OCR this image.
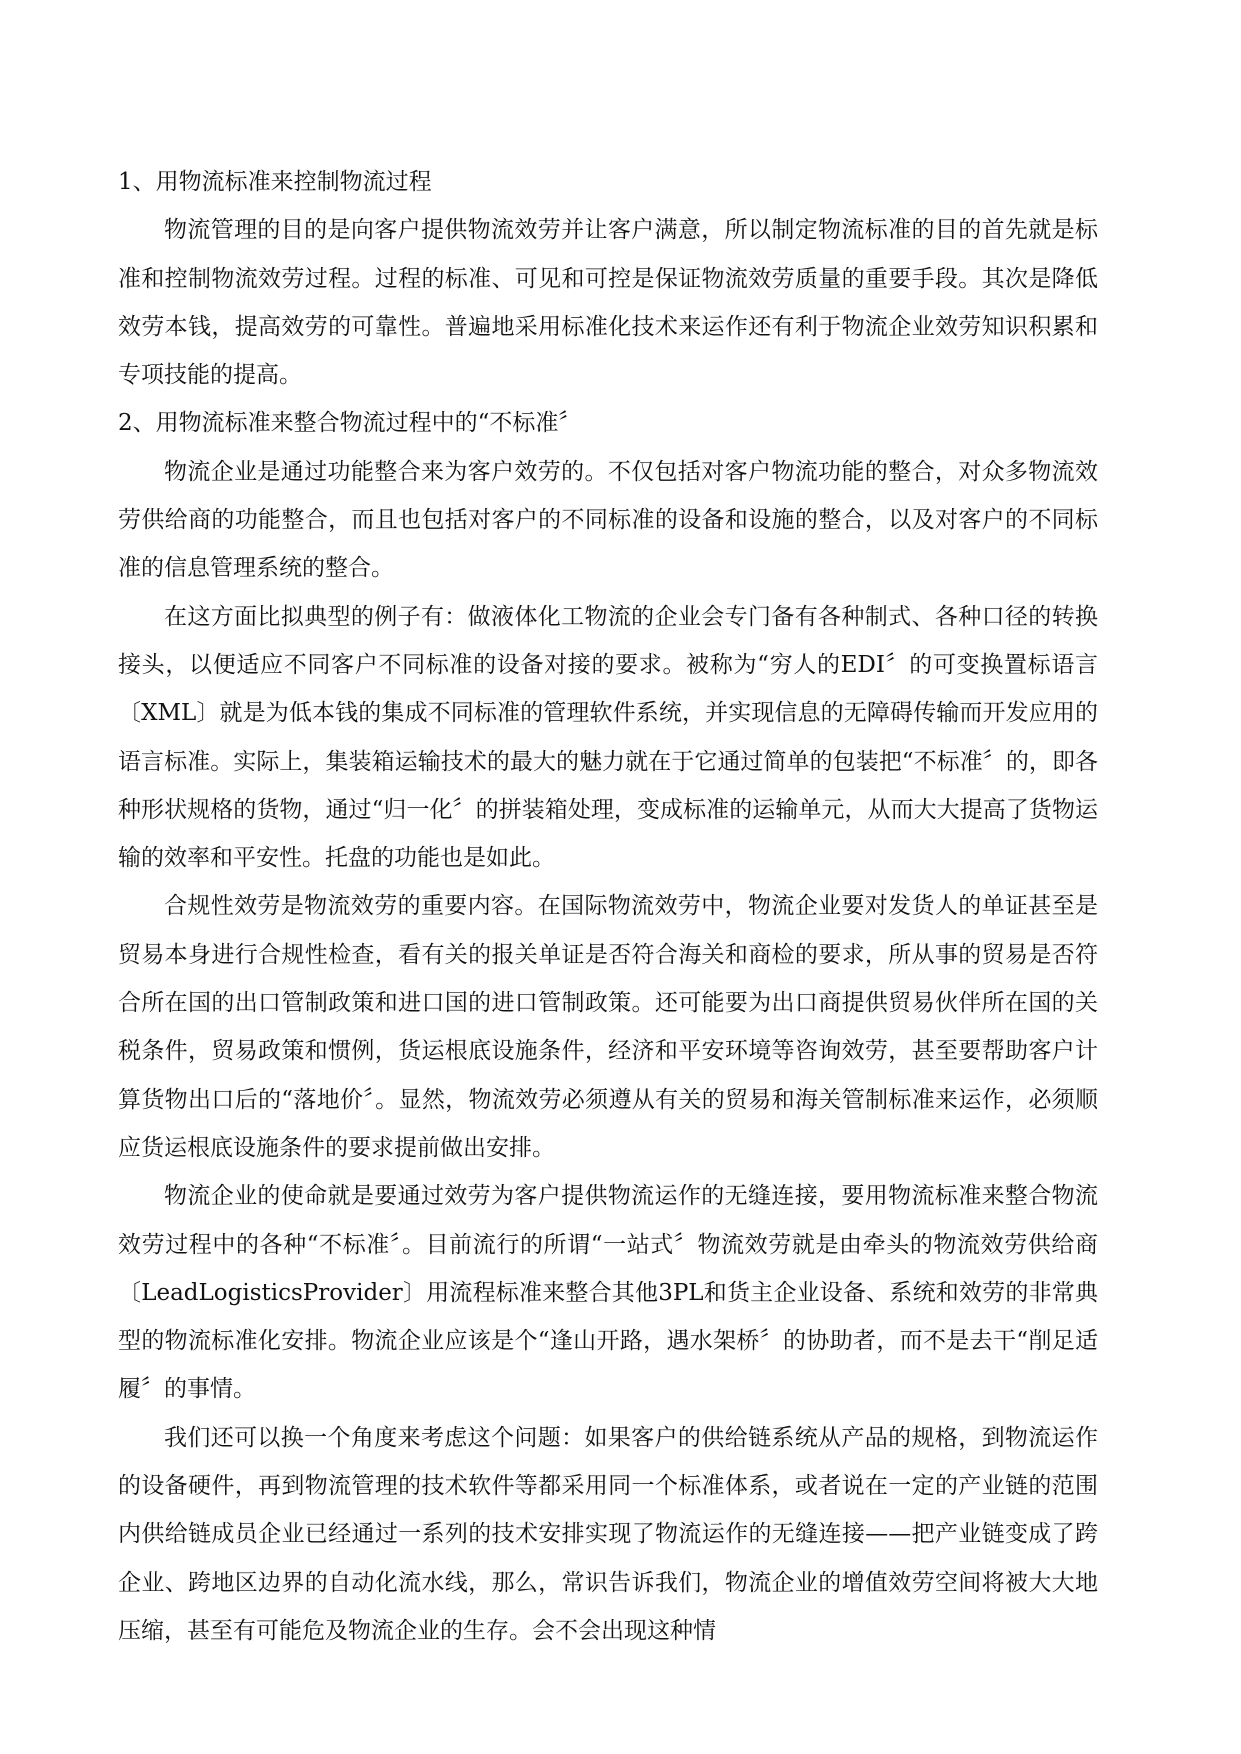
1、用物流标准来控制物流过程

物流管理的目的是向客户提供物流效劳并让客户满意，所以制定物流标准的目的首先就是标准和控制物流效劳过程。过程的标准、可见和可控是保证物流效劳质量的重要手段。其次是降低效劳本钱，提高效劳的可靠性。普遍地采用标准化技术来运作还有利于物流企业效劳知识积累和专项技能的提高。

2、用物流标准来整合物流过程中的“不标准〞

物流企业是通过功能整合来为客户效劳的。不仅包括对客户物流功能的整合，对众多物流效劳供给商的功能整合，而且也包括对客户的不同标准的设备和设施的整合，以及对客户的不同标准的信息管理系统的整合。

在这方面比拟典型的例子有：做液体化工物流的企业会专门备有各种制式、各种口径的转换接头，以便适应不同客户不同标准的设备对接的要求。被称为“穷人的EDI〞的可变换置标语言〔XML〕就是为低本钱的集成不同标准的管理软件系统，并实现信息的无障碍传输而开发应用的语言标准。实际上，集装箱运输技术的最大的魅力就在于它通过简单的包装把“不标准〞的，即各种形状规格的货物，通过“归一化〞的拼装箱处理，变成标准的运输单元，从而大大提高了货物运输的效率和平安性。托盘的功能也是如此。

合规性效劳是物流效劳的重要内容。在国际物流效劳中，物流企业要对发货人的单证甚至是贸易本身进行合规性检查，看有关的报关单证是否符合海关和商检的要求，所从事的贸易是否符合所在国的出口管制政策和进口国的进口管制政策。还可能要为出口商提供贸易伙伴所在国的关税条件，贸易政策和惯例，货运根底设施条件，经济和平安环境等咨询效劳，甚至要帮助客户计算货物出口后的“落地价〞。显然，物流效劳必须遵从有关的贸易和海关管制标准来运作，必须顺应货运根底设施条件的要求提前做出安排。

物流企业的使命就是要通过效劳为客户提供物流运作的无缝连接，要用物流标准来整合物流效劳过程中的各种“不标准〞。目前流行的所谓“一站式〞物流效劳就是由牵头的物流效劳供给商〔LeadLogisticsProvider〕用流程标准来整合其他3PL和货主企业设备、系统和效劳的非常典型的物流标准化安排。物流企业应该是个“逢山开路，遇水架桥〞的协助者，而不是去干“削足适履〞的事情。

我们还可以换一个角度来考虑这个问题：如果客户的供给链系统从产品的规格，到物流运作的设备硬件，再到物流管理的技术软件等都采用同一个标准体系，或者说在一定的产业链的范围内供给链成员企业已经通过一系列的技术安排实现了物流运作的无缝连接——把产业链变成了跨企业、跨地区边界的自动化流水线，那么，常识告诉我们，物流企业的增值效劳空间将被大大地压缩，甚至有可能危及物流企业的生存。会不会出现这种情
